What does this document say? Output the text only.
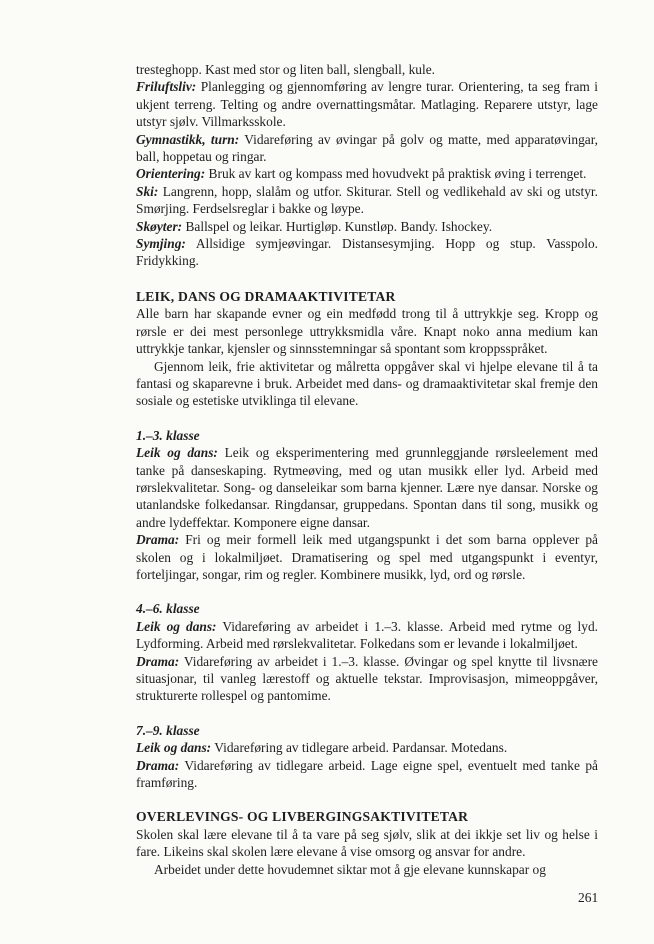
tresteghopp. Kast med stor og liten ball, slengball, kule.

Friluftsliv: Planlegging og gjennomføring av lengre turar. Orientering, ta seg fram i ukjent terreng. Telting og andre overnattingsmåtar. Matlaging. Reparere utstyr, lage utstyr sjølv. Villmarksskole.

Gymnastikk, turn: Vidareføring av øvingar på golv og matte, med apparatøvingar, ball, hoppetau og ringar.

Orientering: Bruk av kart og kompass med hovudvekt på praktisk øving i terrenget.

Ski: Langrenn, hopp, slalåm og utfor. Skiturar. Stell og vedlikehald av ski og utstyr. Smørjing. Ferdselsreglar i bakke og løype.

Skøyter: Ballspel og leikar. Hurtigløp. Kunstløp. Bandy. Ishockey.

Symjing: Allsidige symjeøvingar. Distansesymjing. Hopp og stup. Vasspolo. Fridykking.

LEIK, DANS OG DRAMAAKTIVITETAR

Alle barn har skapande evner og ein medfødd trong til å uttrykkje seg. Kropp og rørsle er dei mest personlege uttrykksmidla våre. Knapt noko anna medium kan uttrykkje tankar, kjensler og sinnsstemningar så spontant som kroppsspråket.

Gjennom leik, frie aktivitetar og målretta oppgåver skal vi hjelpe elevane til å ta fantasi og skaparevne i bruk. Arbeidet med dans- og dramaaktivitetar skal fremje den sosiale og estetiske utviklinga til elevane.

1.–3. klasse

Leik og dans: Leik og eksperimentering med grunnleggjande rørsleelement med tanke på danseskaping. Rytmeøving, med og utan musikk eller lyd. Arbeid med rørslekvalitetar. Song- og danseleikar som barna kjenner. Lære nye dansar. Norske og utanlandske folkedansar. Ringdansar, gruppedans. Spontan dans til song, musikk og andre lydeffektar. Komponere eigne dansar.

Drama: Fri og meir formell leik med utgangspunkt i det som barna opplever på skolen og i lokalmiljøet. Dramatisering og spel med utgangspunkt i eventyr, forteljingar, songar, rim og regler. Kombinere musikk, lyd, ord og rørsle.

4.–6. klasse

Leik og dans: Vidareføring av arbeidet i 1.–3. klasse. Arbeid med rytme og lyd. Lydforming. Arbeid med rørslekvalitetar. Folkedans som er levande i lokalmiljøet.

Drama: Vidareføring av arbeidet i 1.–3. klasse. Øvingar og spel knytte til livsnære situasjonar, til vanleg lærestoff og aktuelle tekstar. Improvisasjon, mimeoppgåver, strukturerte rollespel og pantomime.

7.–9. klasse

Leik og dans: Vidareføring av tidlegare arbeid. Pardansar. Motedans.

Drama: Vidareføring av tidlegare arbeid. Lage eigne spel, eventuelt med tanke på framføring.

OVERLEVINGS- OG LIVBERGINGSAKTIVITETAR

Skolen skal lære elevane til å ta vare på seg sjølv, slik at dei ikkje set liv og helse i fare. Likeins skal skolen lære elevane å vise omsorg og ansvar for andre.

Arbeidet under dette hovudemnet siktar mot å gje elevane kunnskapar og

261
